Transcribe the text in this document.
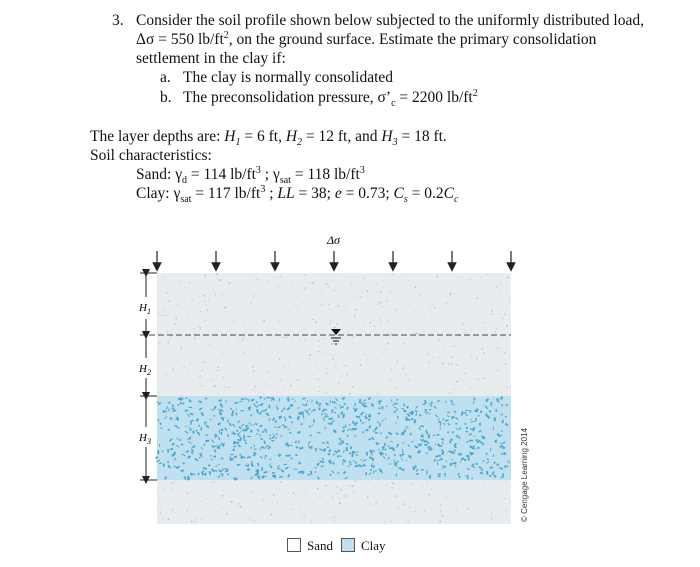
3. Consider the soil profile shown below subjected to the uniformly distributed load,
Δσ = 550 $lb/ft^2$, on the ground surface. Estimate the primary consolidation
settlement in the clay if:
a. The clay is normally consolidated
b. The preconsolidation pressure, $\sigma’_c = 2200$ $lb/ft^2$
The layer depths are: $H_1 = 6$ ft, $H_2 = 12$ ft, and $H_3 = 18$ ft.
Soil characteristics:
Sand: $\gamma_d = 114$ $lb/ft^3$ ; $\gamma_{sat} = 118$ $lb/ft^3$
Clay: $\gamma_{sat} = 117$ $lb/ft^3$ ; LL = 38; e = 0.73; $C_s = 0.2C_c$
Δσ
$H_1$
$H_2$
$H_3$	© Cengage Learning 2014
Sand	Clay
